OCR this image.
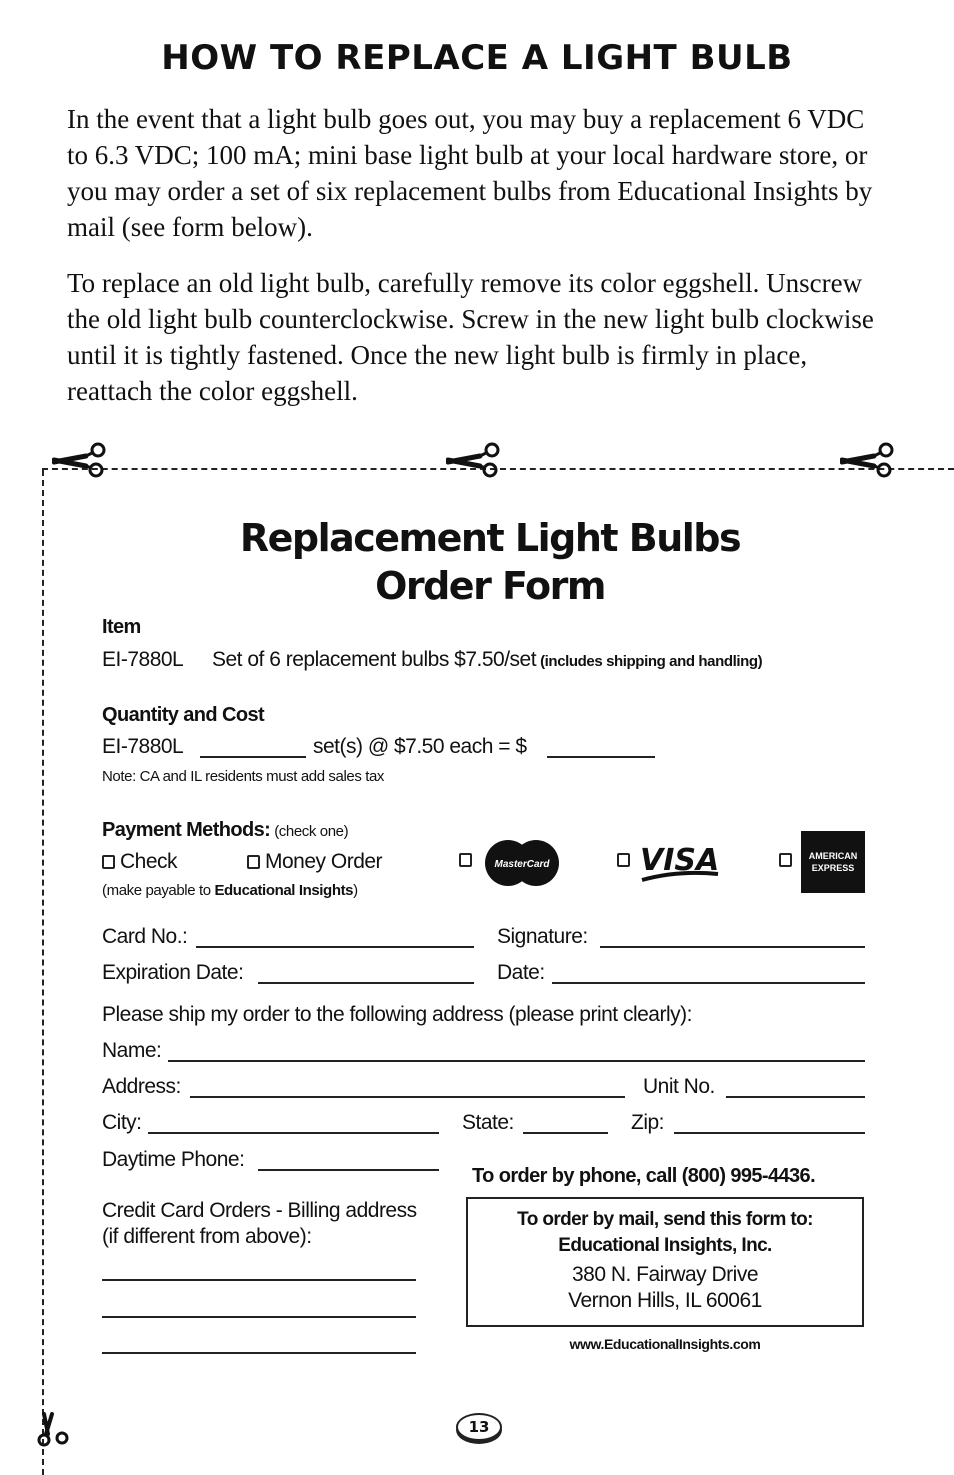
HOW TO REPLACE A LIGHT BULB
In the event that a light bulb goes out, you may buy a replacement 6 VDC to 6.3 VDC; 100 mA; mini base light bulb at your local hardware store, or you may order a set of six replacement bulbs from Educational Insights by mail (see form below).
To replace an old light bulb, carefully remove its color eggshell. Unscrew the old light bulb counterclockwise. Screw in the new light bulb clockwise until it is tightly fastened. Once the new light bulb is firmly in place, reattach the color eggshell.
Replacement Light Bulbs
Order Form
Item
EI-7880L Set of 6 replacement bulbs $7.50/set (includes shipping and handling)
Quantity and Cost
EI-7880L	set(s) @ $7.50 each = $
Note: CA and IL residents must add sales tax
Payment Methods: (check one)
Check	Money Order
(make payable to Educational Insights)
MasterCard	VISA	AMERICAN
EXPRESS
Card No.:	Signature:
Expiration Date:	Date:
Please ship my order to the following address (please print clearly):
Name:
Address:	Unit No.
City:	State:	Zip:
Daytime Phone:
To order by phone, call (800) 995-4436.
Credit Card Orders - Billing address
(if different from above):
To order by mail, send this form to:
Educational Insights, Inc.
380 N. Fairway Drive
Vernon Hills, IL 60061
www.EducationalInsights.com
13
